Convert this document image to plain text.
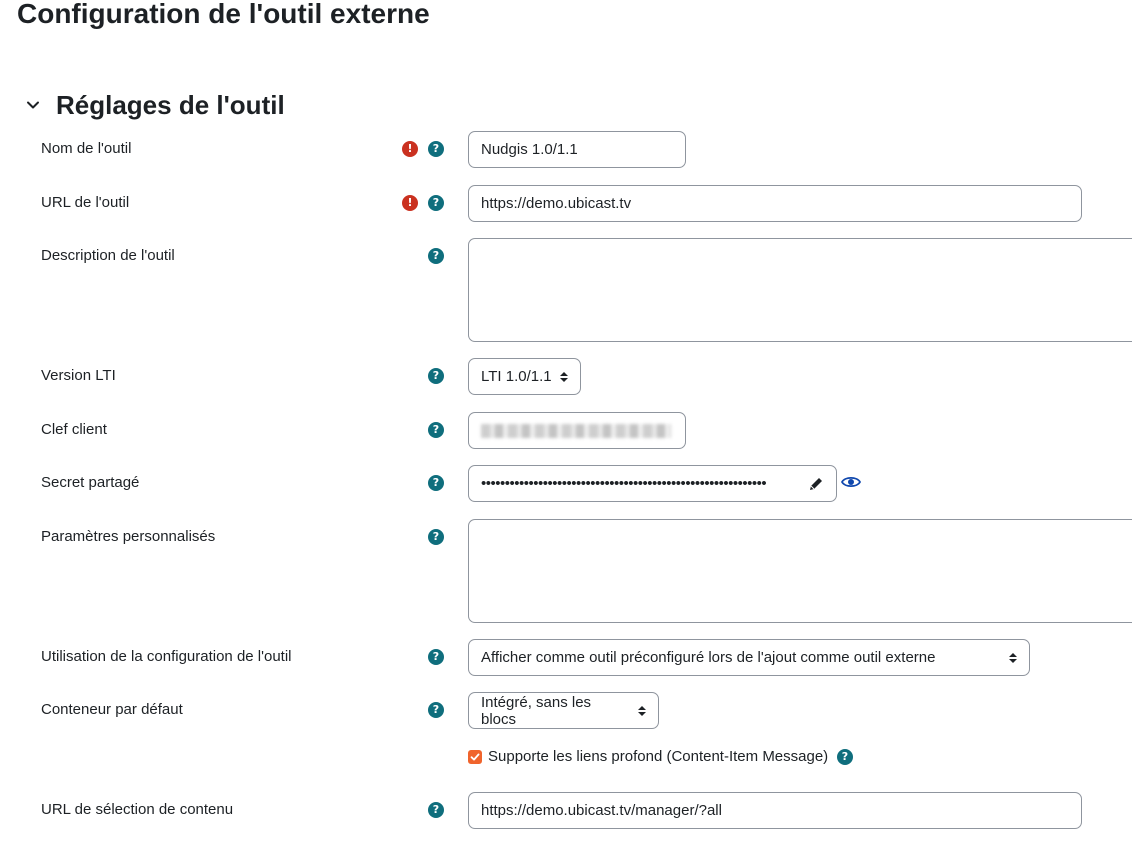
Configuration de l'outil externe
Réglages de l'outil
Nom de l'outil	!	?	Nudgis 1.0/1.1
URL de l'outil	!	?	https://demo.ubicast.tv
Description de l'outil	?
Version LTI	?	LTI 1.0/1.1
Clef client	?
Secret partagé	?	••••••••••••••••••••••••••••••••••••••••••••••••••••••••••••
Paramètres personnalisés	?
Utilisation de la configuration de l'outil	?	Afficher comme outil préconfiguré lors de l'ajout comme outil externe
Conteneur par défaut	?	Intégré, sans les blocs
Supporte les liens profond (Content-Item Message)	?
URL de sélection de contenu	?	https://demo.ubicast.tv/manager/?all
